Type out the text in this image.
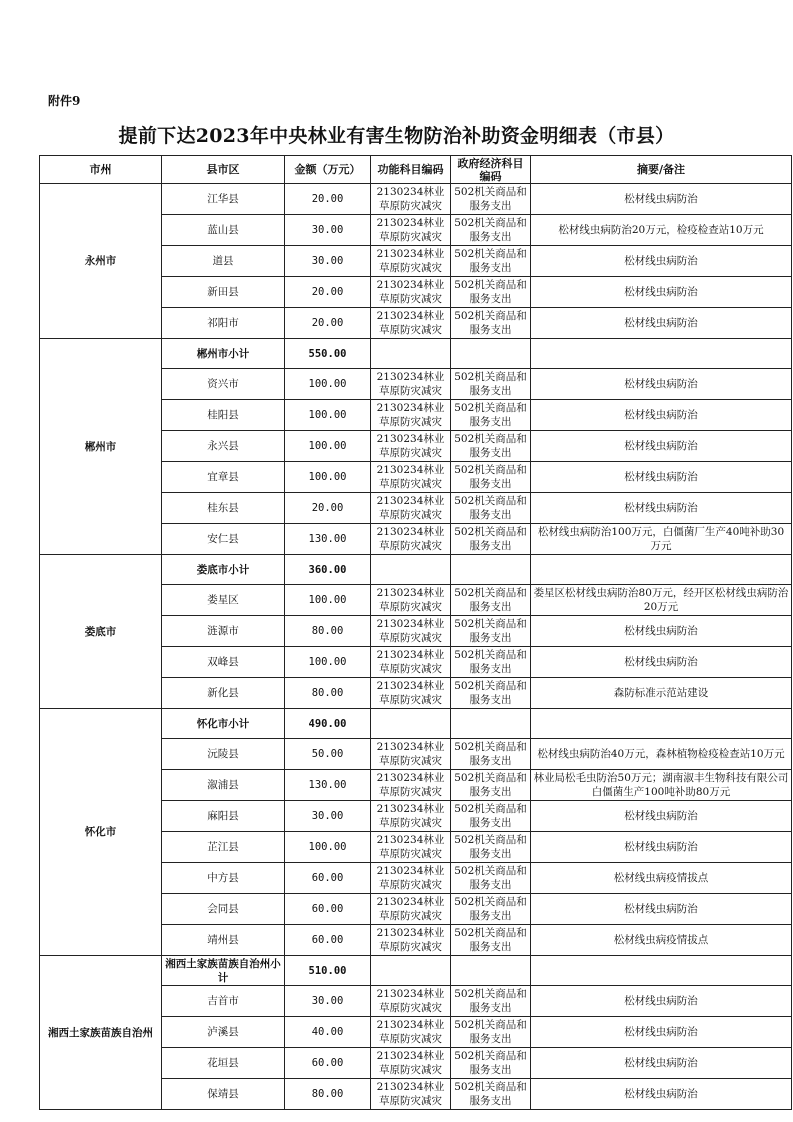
附件9
提前下达2023年中央林业有害生物防治补助资金明细表（市县）
市州	县市区	金额（万元）	功能科目编码	政府经济科目编码	摘要/备注
永州市	江华县	20.00	2130234林业草原防灾减灾	502机关商品和服务支出	松材线虫病防治
	蓝山县	30.00	2130234林业草原防灾减灾	502机关商品和服务支出	松材线虫病防治20万元，检疫检查站10万元
	道县	30.00	2130234林业草原防灾减灾	502机关商品和服务支出	松材线虫病防治
	新田县	20.00	2130234林业草原防灾减灾	502机关商品和服务支出	松材线虫病防治
	祁阳市	20.00	2130234林业草原防灾减灾	502机关商品和服务支出	松材线虫病防治
郴州市	郴州市小计	550.00			
	资兴市	100.00	2130234林业草原防灾减灾	502机关商品和服务支出	松材线虫病防治
	桂阳县	100.00	2130234林业草原防灾减灾	502机关商品和服务支出	松材线虫病防治
	永兴县	100.00	2130234林业草原防灾减灾	502机关商品和服务支出	松材线虫病防治
	宜章县	100.00	2130234林业草原防灾减灾	502机关商品和服务支出	松材线虫病防治
	桂东县	20.00	2130234林业草原防灾减灾	502机关商品和服务支出	松材线虫病防治
	安仁县	130.00	2130234林业草原防灾减灾	502机关商品和服务支出	松材线虫病防治100万元，白僵菌厂生产40吨补助30万元
娄底市	娄底市小计	360.00			
	娄星区	100.00	2130234林业草原防灾减灾	502机关商品和服务支出	娄星区松材线虫病防治80万元，经开区松材线虫病防治20万元
	涟源市	80.00	2130234林业草原防灾减灾	502机关商品和服务支出	松材线虫病防治
	双峰县	100.00	2130234林业草原防灾减灾	502机关商品和服务支出	松材线虫病防治
	新化县	80.00	2130234林业草原防灾减灾	502机关商品和服务支出	森防标准示范站建设
怀化市	怀化市小计	490.00			
	沅陵县	50.00	2130234林业草原防灾减灾	502机关商品和服务支出	松材线虫病防治40万元，森林植物检疫检查站10万元
	溆浦县	130.00	2130234林业草原防灾减灾	502机关商品和服务支出	林业局松毛虫防治50万元；湖南淑丰生物科技有限公司白僵菌生产100吨补助80万元
	麻阳县	30.00	2130234林业草原防灾减灾	502机关商品和服务支出	松材线虫病防治
	芷江县	100.00	2130234林业草原防灾减灾	502机关商品和服务支出	松材线虫病防治
	中方县	60.00	2130234林业草原防灾减灾	502机关商品和服务支出	松材线虫病疫情拔点
	会同县	60.00	2130234林业草原防灾减灾	502机关商品和服务支出	松材线虫病防治
	靖州县	60.00	2130234林业草原防灾减灾	502机关商品和服务支出	松材线虫病疫情拔点
湘西土家族苗族自治州	湘西土家族苗族自治州小计	510.00			
	吉首市	30.00	2130234林业草原防灾减灾	502机关商品和服务支出	松材线虫病防治
	泸溪县	40.00	2130234林业草原防灾减灾	502机关商品和服务支出	松材线虫病防治
	花垣县	60.00	2130234林业草原防灾减灾	502机关商品和服务支出	松材线虫病防治
	保靖县	80.00	2130234林业草原防灾减灾	502机关商品和服务支出	松材线虫病防治
